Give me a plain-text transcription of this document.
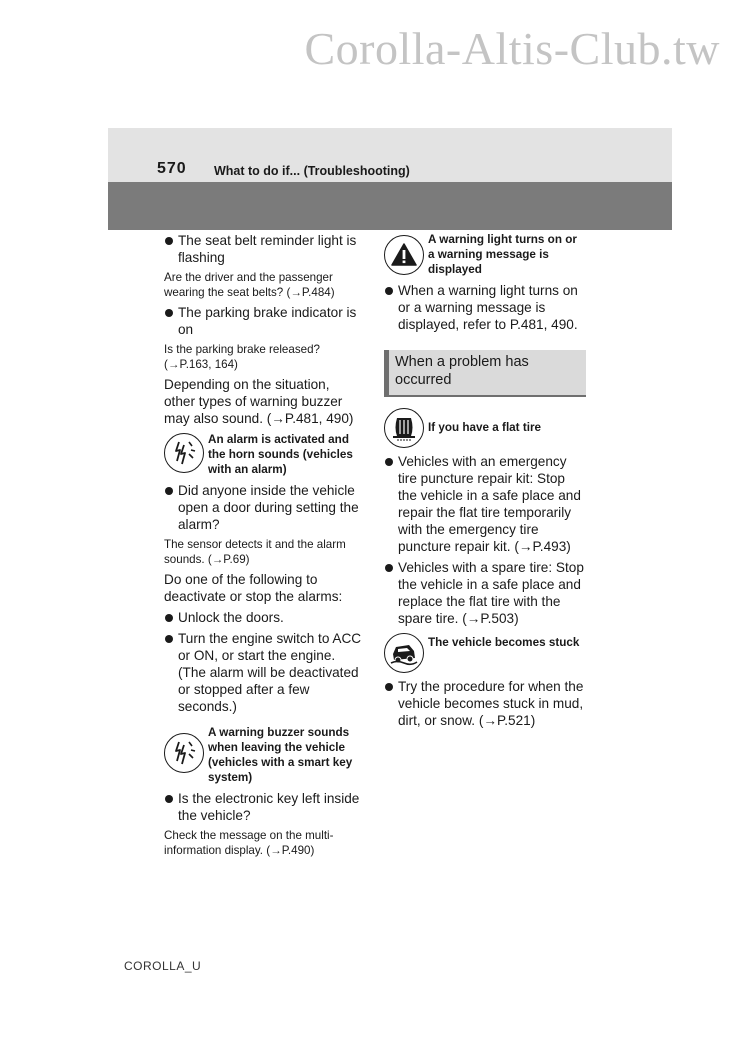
Corolla-Altis-Club.tw
570 What to do if... (Troubleshooting)
The seat belt reminder light is flashing
Are the driver and the passenger wearing the seat belts? (→P.484)
The parking brake indicator is on
Is the parking brake released? (→P.163, 164)
Depending on the situation, other types of warning buzzer may also sound. (→P.481, 490)
An alarm is activated and the horn sounds (vehicles with an alarm)
Did anyone inside the vehicle open a door during setting the alarm?
The sensor detects it and the alarm sounds. (→P.69)
Do one of the following to deactivate or stop the alarms:
Unlock the doors.
Turn the engine switch to ACC or ON, or start the engine. (The alarm will be deactivated or stopped after a few seconds.)
A warning buzzer sounds when leaving the vehicle (vehicles with a smart key system)
Is the electronic key left inside the vehicle?
Check the message on the multi-information display. (→P.490)
A warning light turns on or a warning message is displayed
When a warning light turns on or a warning message is displayed, refer to P.481, 490.
When a problem has occurred
If you have a flat tire
Vehicles with an emergency tire puncture repair kit: Stop the vehicle in a safe place and repair the flat tire temporarily with the emergency tire puncture repair kit. (→P.493)
Vehicles with a spare tire: Stop the vehicle in a safe place and replace the flat tire with the spare tire. (→P.503)
The vehicle becomes stuck
Try the procedure for when the vehicle becomes stuck in mud, dirt, or snow. (→P.521)
COROLLA_U
